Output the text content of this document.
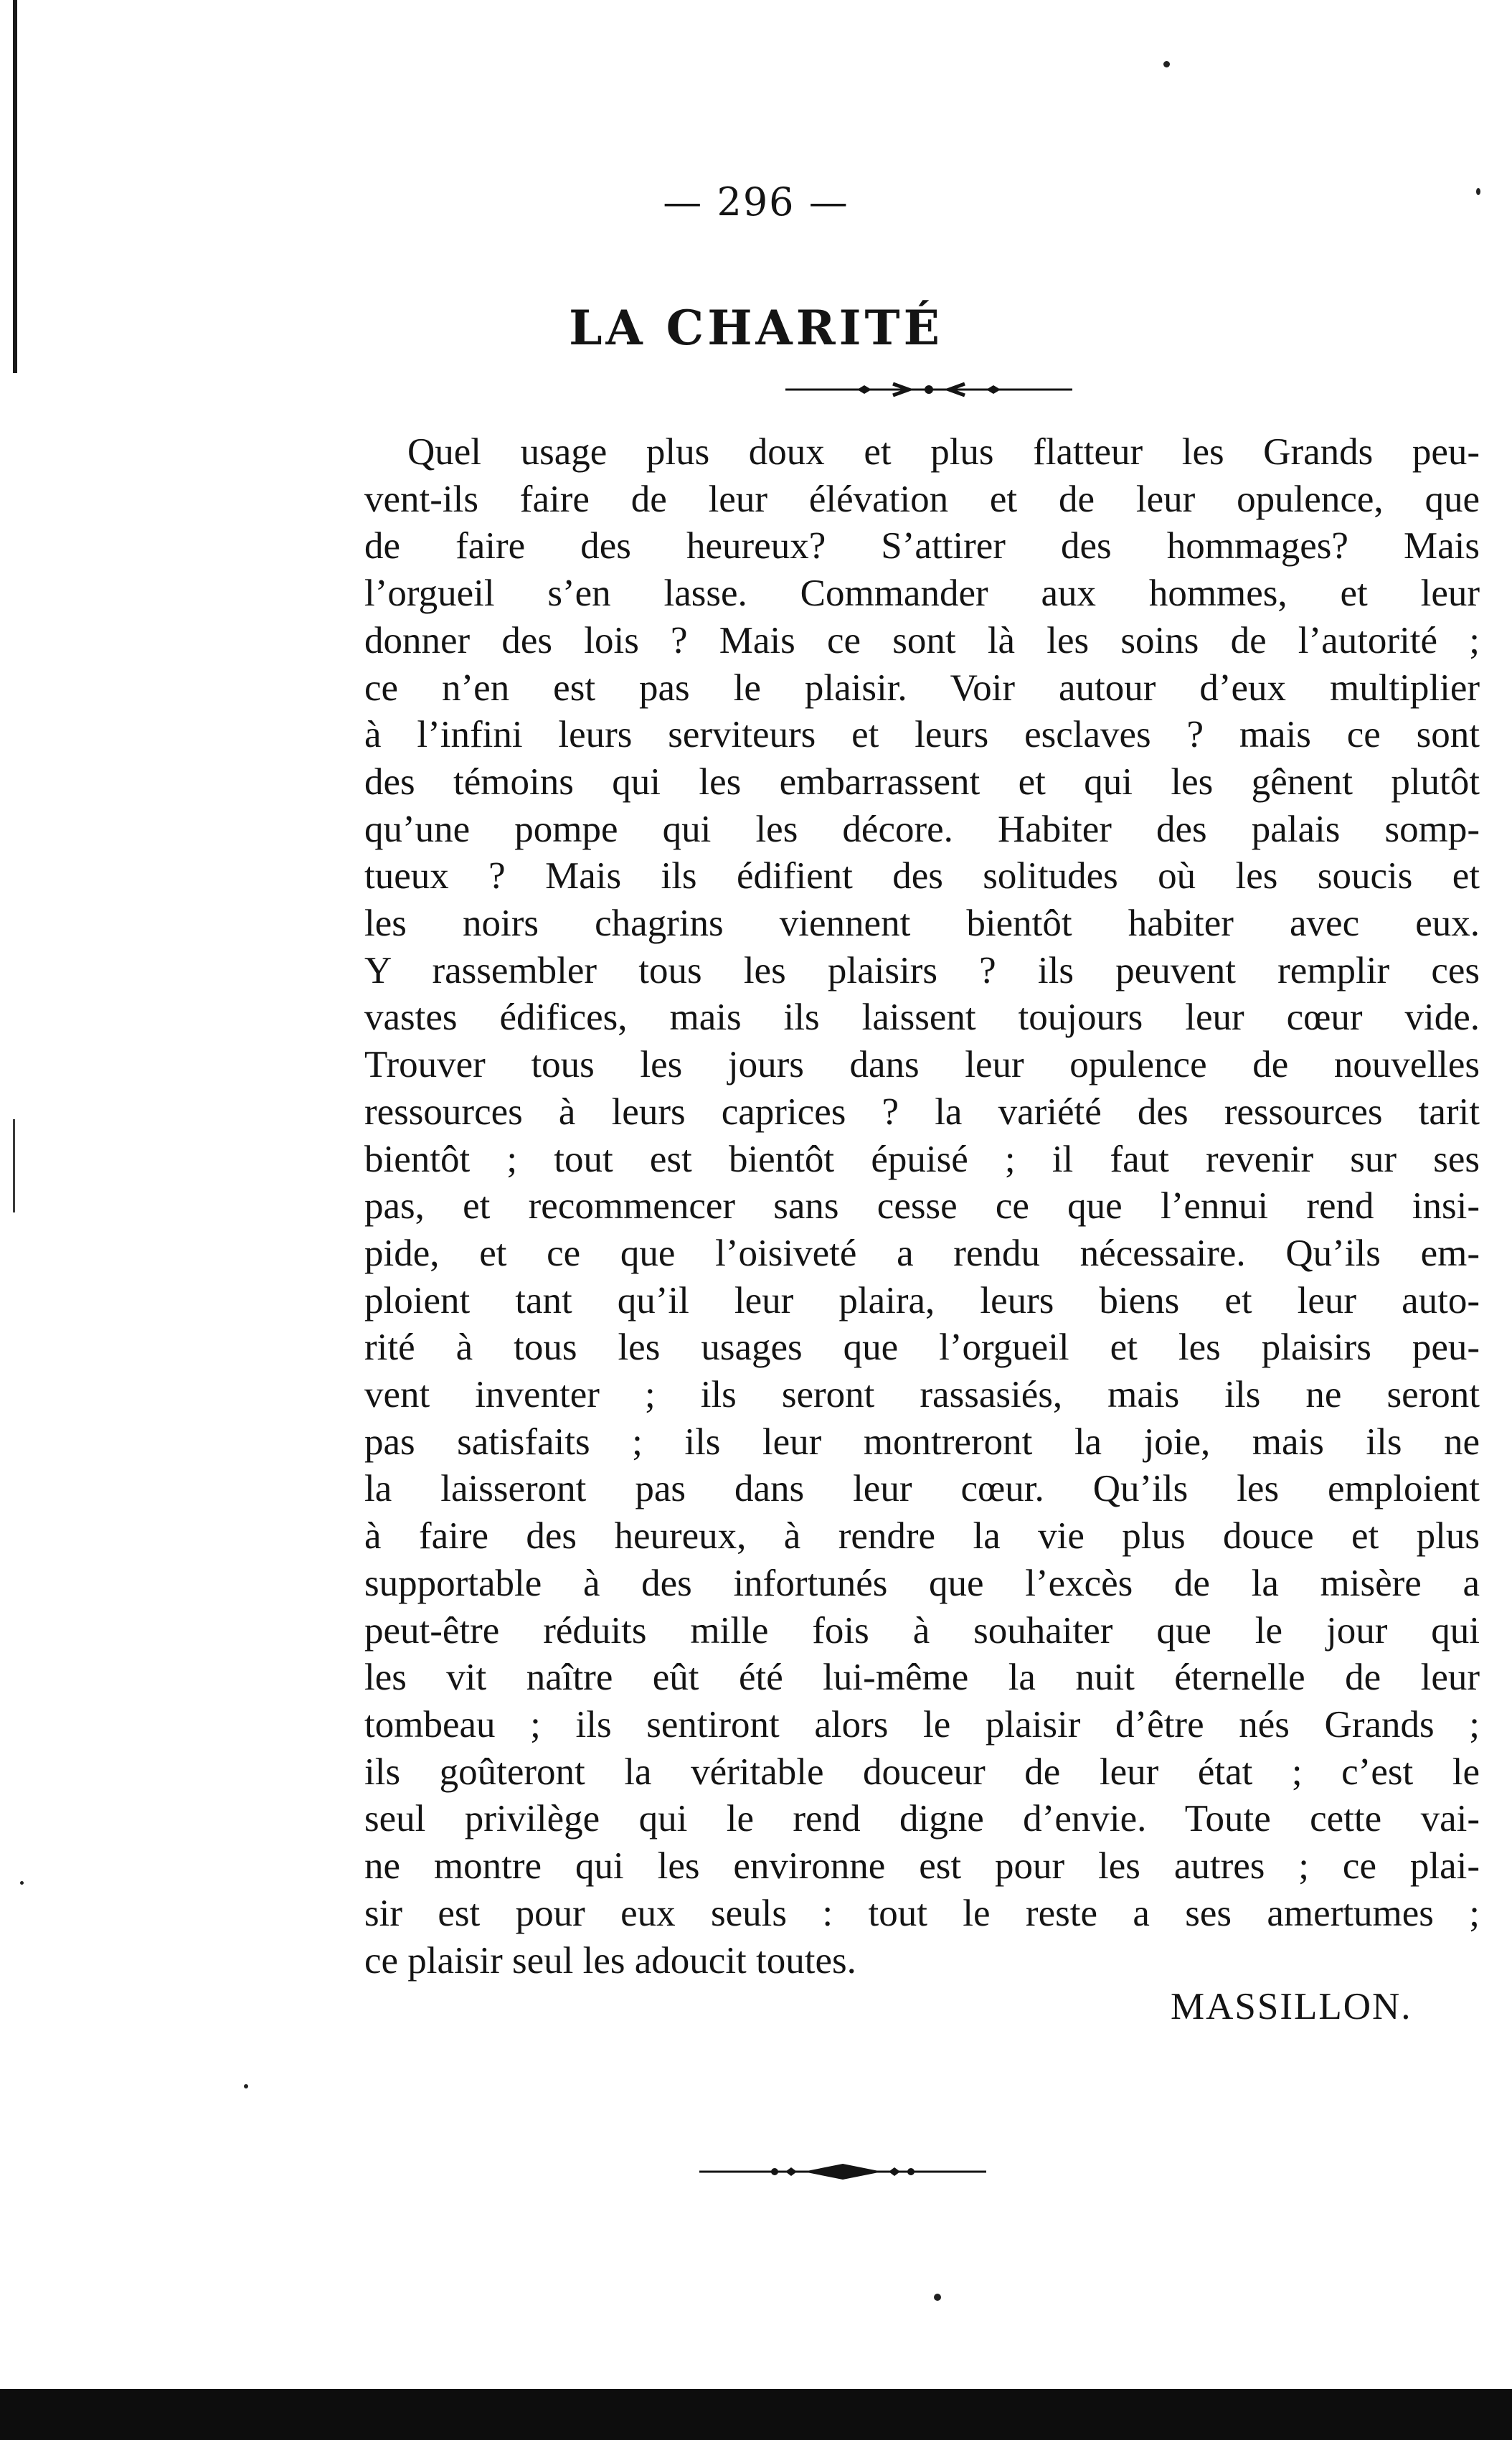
— 296 —
LA CHARITÉ
Quel usage plus doux et plus flatteur les Grands peu-
vent-ils faire de leur élévation et de leur opulence, que
de faire des heureux? S’attirer des hommages? Mais
l’orgueil s’en lasse. Commander aux hommes, et leur
donner des lois ? Mais ce sont là les soins de l’autorité ;
ce n’en est pas le plaisir. Voir autour d’eux multiplier
à l’infini leurs serviteurs et leurs esclaves ? mais ce sont
des témoins qui les embarrassent et qui les gênent plutôt
qu’une pompe qui les décore. Habiter des palais somp-
tueux ? Mais ils édifient des solitudes où les soucis et
les noirs chagrins viennent bientôt habiter avec eux.
Y rassembler tous les plaisirs ? ils peuvent remplir ces
vastes édifices, mais ils laissent toujours leur cœur vide.
Trouver tous les jours dans leur opulence de nouvelles
ressources à leurs caprices ? la variété des ressources tarit
bientôt ; tout est bientôt épuisé ; il faut revenir sur ses
pas, et recommencer sans cesse ce que l’ennui rend insi-
pide, et ce que l’oisiveté a rendu nécessaire. Qu’ils em-
ploient tant qu’il leur plaira, leurs biens et leur auto-
rité à tous les usages que l’orgueil et les plaisirs peu-
vent inventer ; ils seront rassasiés, mais ils ne seront
pas satisfaits ; ils leur montreront la joie, mais ils ne
la laisseront pas dans leur cœur. Qu’ils les emploient
à faire des heureux, à rendre la vie plus douce et plus
supportable à des infortunés que l’excès de la misère a
peut-être réduits mille fois à souhaiter que le jour qui
les vit naître eût été lui-même la nuit éternelle de leur
tombeau ; ils sentiront alors le plaisir d’être nés Grands ;
ils goûteront la véritable douceur de leur état ; c’est le
seul privilège qui le rend digne d’envie. Toute cette vai-
ne montre qui les environne est pour les autres ; ce plai-
sir est pour eux seuls : tout le reste a ses amertumes ;
ce plaisir seul les adoucit toutes.
MASSILLON.
